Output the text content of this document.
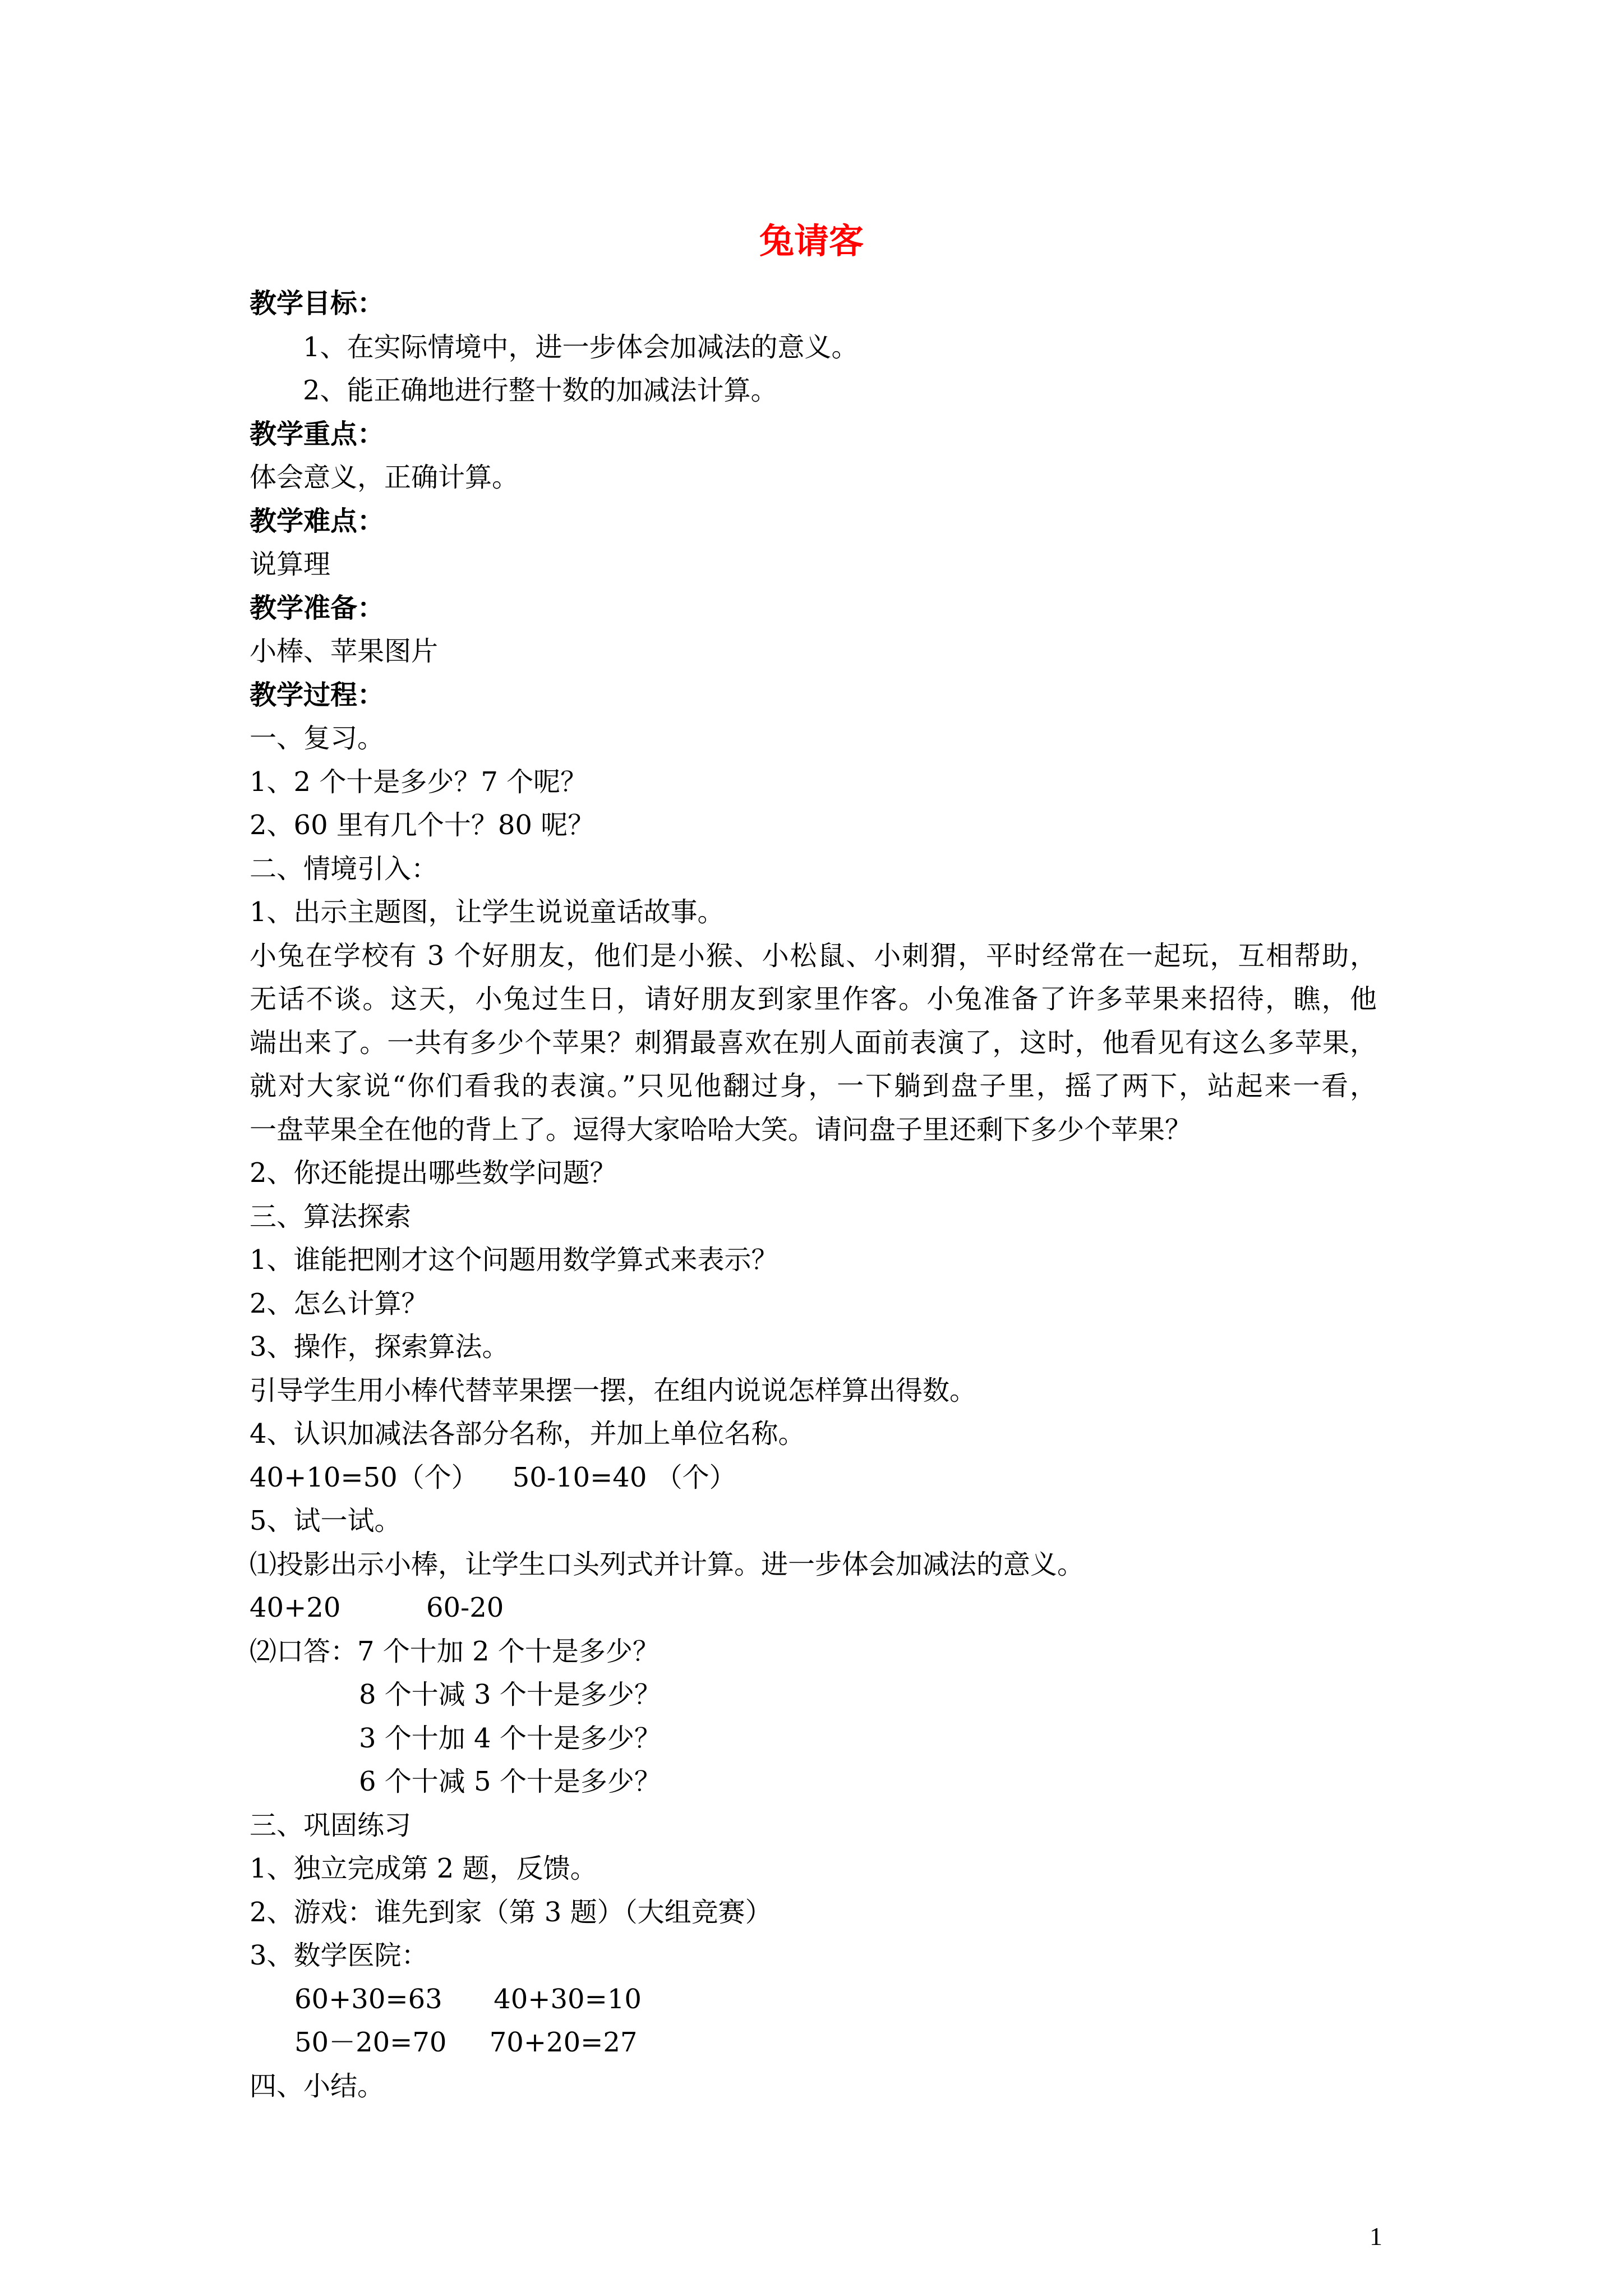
兔请客
教学目标：
1、在实际情境中，进一步体会加减法的意义。
2、能正确地进行整十数的加减法计算。
教学重点：
体会意义，正确计算。
教学难点：
说算理
教学准备：
小棒、苹果图片
教学过程：
一、复习。
1、2 个十是多少？7 个呢？
2、60 里有几个十？80 呢？
二、情境引入：
1、出示主题图，让学生说说童话故事。
小兔在学校有 3 个好朋友，他们是小猴、小松鼠、小刺猬，平时经常在一起玩，互相帮助，
无话不谈。这天，小兔过生日，请好朋友到家里作客。小兔准备了许多苹果来招待，瞧，他
端出来了。一共有多少个苹果？刺猬最喜欢在别人面前表演了，这时，他看见有这么多苹果，
就对大家说“你们看我的表演。”只见他翻过身，一下躺到盘子里，摇了两下，站起来一看，
一盘苹果全在他的背上了。逗得大家哈哈大笑。请问盘子里还剩下多少个苹果？
2、你还能提出哪些数学问题？
三、算法探索
1、谁能把刚才这个问题用数学算式来表示？
2、怎么计算？
3、操作，探索算法。
引导学生用小棒代替苹果摆一摆，在组内说说怎样算出得数。
4、认识加减法各部分名称，并加上单位名称。
40+10=50（个）    50-10=40 （个）
5、试一试。
⑴投影出示小棒，让学生口头列式并计算。进一步体会加减法的意义。
40+20          60-20
⑵口答：7 个十加 2 个十是多少？
8 个十减 3 个十是多少？
3 个十加 4 个十是多少？
6 个十减 5 个十是多少？
三、巩固练习
1、独立完成第 2 题，反馈。
2、游戏：谁先到家（第 3 题）（大组竞赛）
3、数学医院：
60+30=63      40+30=10
50－20=70     70+20=27
四、小结。
1
